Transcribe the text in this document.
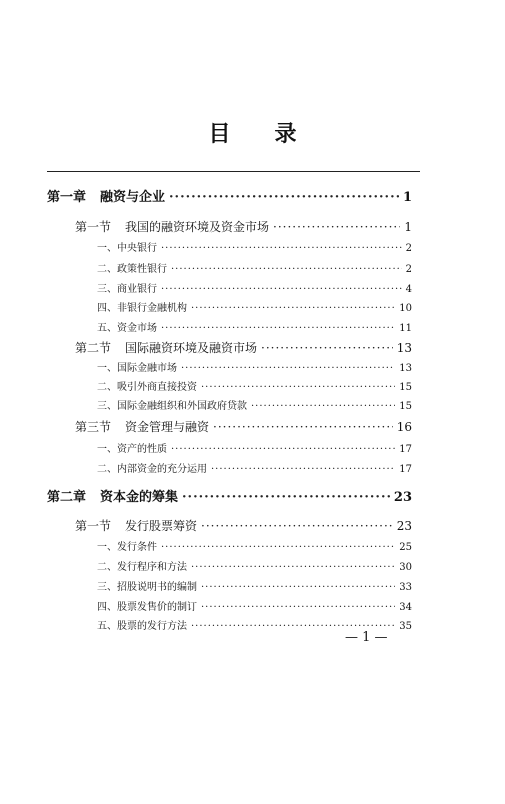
目 录
第一章 融资与企业 ·····	1
第一节 我国的融资环境及资金市场 ·····	1
一、中央银行 ·····	2
二、政策性银行 ·····	2
三、商业银行 ·····	4
四、非银行金融机构 ·····	10
五、资金市场 ·····	11
第二节 国际融资环境及融资市场 ·····	13
一、国际金融市场 ·····	13
二、吸引外商直接投资 ·····	15
三、国际金融组织和外国政府贷款 ·····	15
第三节 资金管理与融资 ·····	16
一、资产的性质 ·····	17
二、内部资金的充分运用 ·····	17
第二章 资本金的筹集 ·····	23
第一节 发行股票筹资 ·····	23
一、发行条件 ·····	25
二、发行程序和方法 ·····	30
三、招股说明书的编制 ·····	33
四、股票发售价的制订 ·····	34
五、股票的发行方法 ·····	35
— 1 —
